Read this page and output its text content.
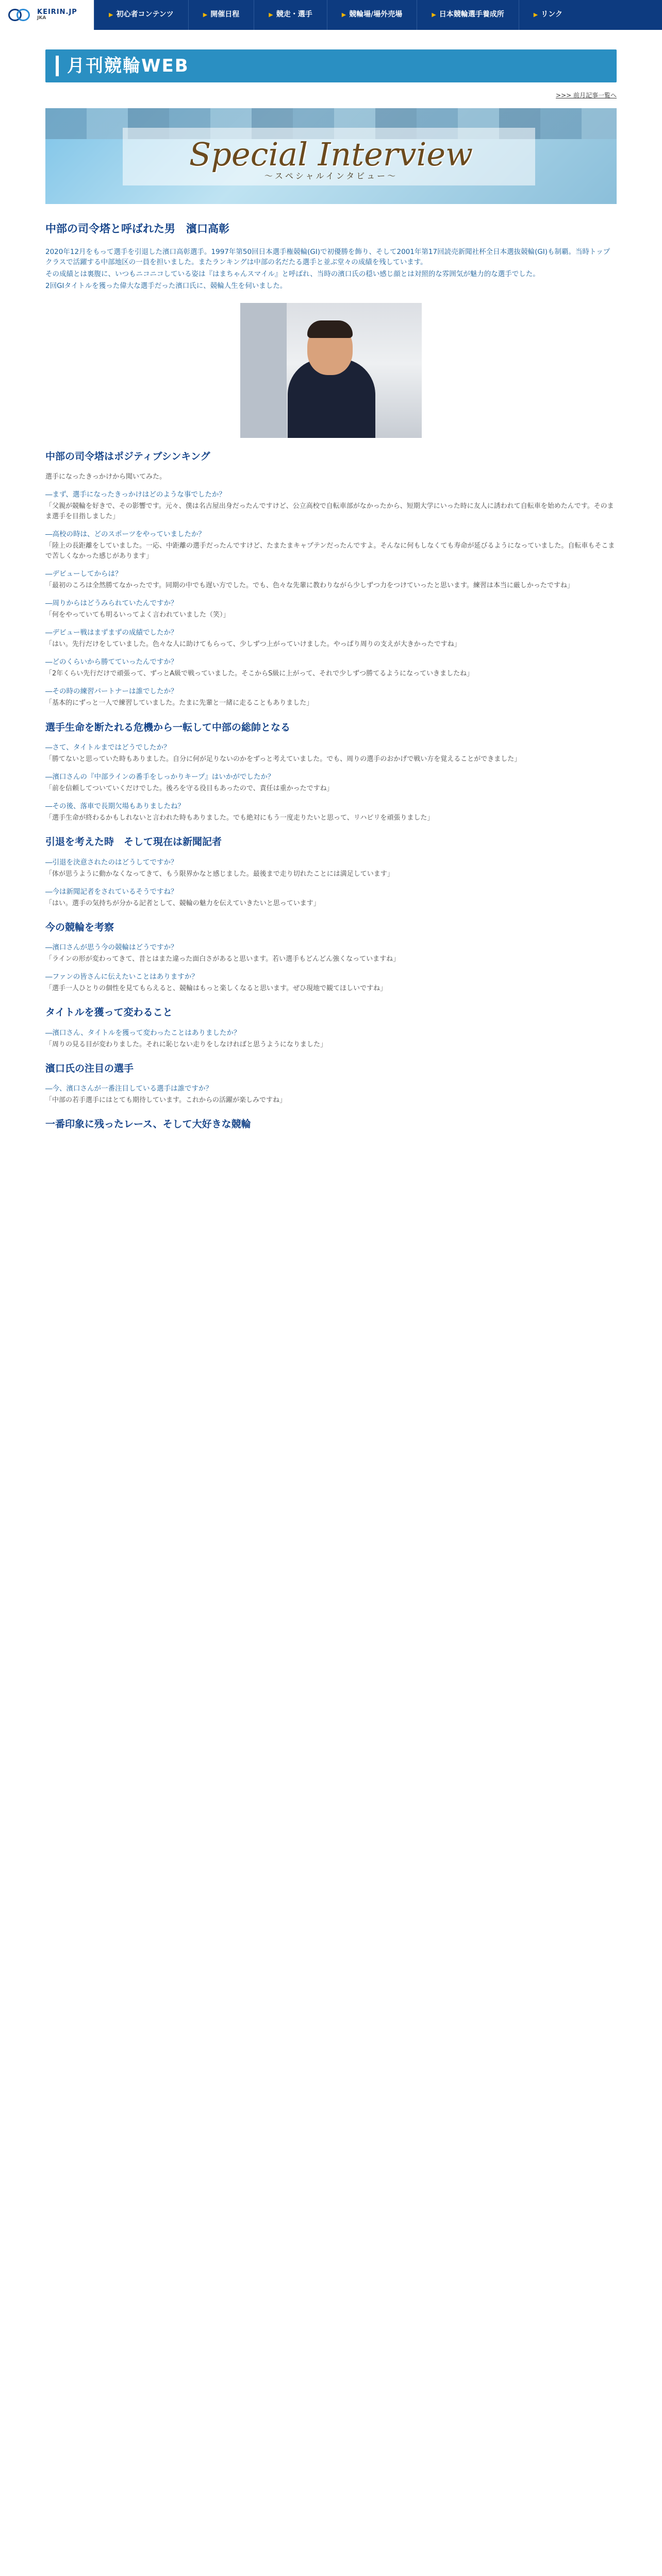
KEIRIN.JP
JKA	▶ 初心者コンテンツ	▶ 開催日程	▶ 競走・選手	▶ 競輪場/場外売場	▶ 日本競輪選手養成所	▶ リンク
月刊競輪WEB
>>> 前月記事一覧へ
Special Interview
～スペシャルインタビュー～
中部の司令塔と呼ばれた男　濱口高彰

2020年12月をもって選手を引退した濱口高彰選手。1997年第50回日本選手権競輪(GI)で初優勝を飾り、そして2001年第17回読売新聞社杯全日本選抜競輪(GI)も制覇。当時トップクラスで活躍する中部地区の一員を担いました。またランキングは中部の名だたる選手と並ぶ堂々の成績を残しています。

その成績とは裏腹に、いつもニコニコしている姿は『はまちゃんスマイル』と呼ばれ、当時の濱口氏の穏い感じ顔とは対照的な雰囲気が魅力的な選手でした。

2回GIタイトルを獲った偉大な選手だった濱口氏に、競輪人生を伺いました。

中部の司令塔はポジティブシンキング
選手になったきっかけから聞いてみた。
―まず、選手になったきっかけはどのような事でしたか？
「父親が競輪を好きで、その影響です。元々、僕は名古屋出身だったんですけど、公立高校で自転車部がなかったから、短期大学にいった時に友人に誘われて自転車を始めたんです。そのまま選手を目指しました」
―高校の時は、どのスポーツをやっていましたか？
「陸上の長距離をしていました。一応、中距離の選手だったんですけど、たまたまキャプテンだったんですよ。そんなに何もしなくても寿命が延びるようになっていました。自転車もそこまで苦しくなかった感じがあります」
―デビューしてからは？
「最初のころは全然勝てなかったです。同期の中でも遅い方でした。でも、色々な先輩に教わりながら少しずつ力をつけていったと思います。練習は本当に厳しかったですね」
―周りからはどうみられていたんですか？
「何をやっていても明るいってよく言われていました（笑）」
―デビュー戦はまずまずの成績でしたか？
「はい。先行だけをしていました。色々な人に助けてもらって、少しずつ上がっていけました。やっぱり周りの支えが大きかったですね」
―どのくらいから勝てていったんですか？
「2年くらい先行だけで頑張って、ずっとA級で戦っていました。そこからS級に上がって、それで少しずつ勝てるようになっていきましたね」
―その時の練習パートナーは誰でしたか？
「基本的にずっと一人で練習していました。たまに先輩と一緒に走ることもありました」
選手生命を断たれる危機から一転して中部の総帥となる
―さて、タイトルまではどうでしたか？
「勝てないと思っていた時もありました。自分に何が足りないのかをずっと考えていました。でも、周りの選手のおかげで戦い方を覚えることができました」
―濱口さんの『中部ラインの番手をしっかりキープ』はいかがでしたか？
「前を信頼してついていくだけでした。後ろを守る役目もあったので、責任は重かったですね」
―その後、落車で長期欠場もありましたね？
「選手生命が終わるかもしれないと言われた時もありました。でも絶対にもう一度走りたいと思って、リハビリを頑張りました」
引退を考えた時　そして現在は新聞記者
―引退を決意されたのはどうしてですか？
「体が思うように動かなくなってきて、もう限界かなと感じました。最後まで走り切れたことには満足しています」
―今は新聞記者をされているそうですね？
「はい。選手の気持ちが分かる記者として、競輪の魅力を伝えていきたいと思っています」
今の競輪を考察
―濱口さんが思う今の競輪はどうですか？
「ラインの形が変わってきて、昔とはまた違った面白さがあると思います。若い選手もどんどん強くなっていますね」
―ファンの皆さんに伝えたいことはありますか？
「選手一人ひとりの個性を見てもらえると、競輪はもっと楽しくなると思います。ぜひ現地で観てほしいですね」
タイトルを獲って変わること
―濱口さん、タイトルを獲って変わったことはありましたか？
「周りの見る目が変わりました。それに恥じない走りをしなければと思うようになりました」
濱口氏の注目の選手
―今、濱口さんが一番注目している選手は誰ですか？
「中部の若手選手にはとても期待しています。これからの活躍が楽しみですね」
一番印象に残ったレース、そして大好きな競輪
